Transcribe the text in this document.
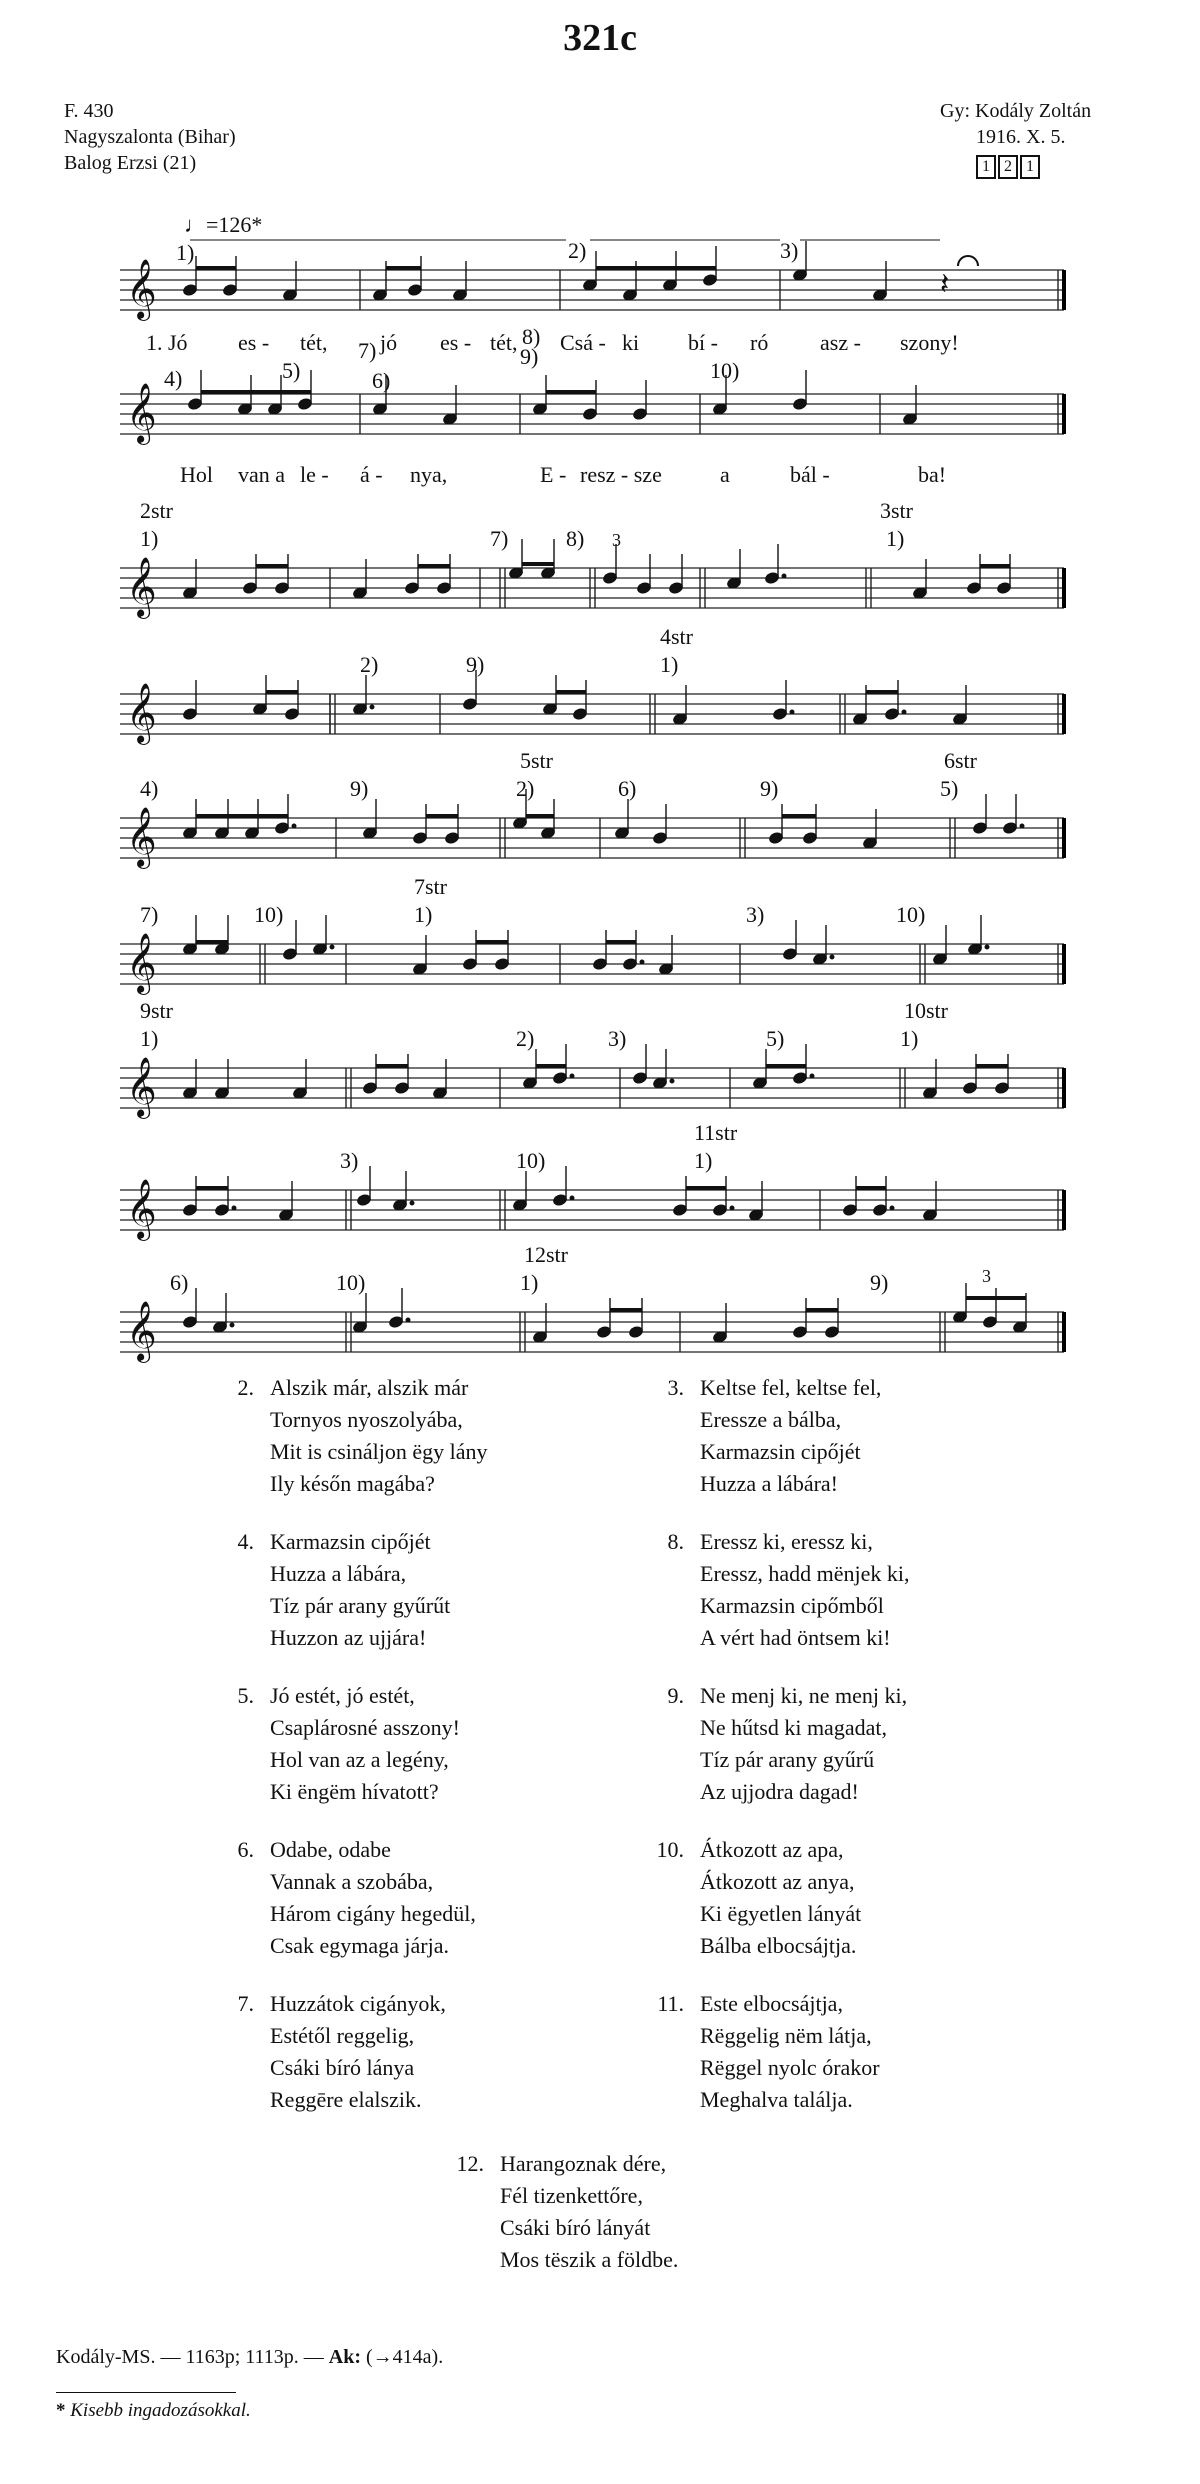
321c
F. 430
Nagyszalonta (Bihar)
Balog Erzsi (21)
Gy: Kodály Zoltán
1916. X. 5.
1 2 1
𝄞
𝄞
𝄽
1. Jó es - tét, jó es - tét, Csá - ki bí - ró asz - szony!
Hol van a le - á - nya,	E - resz - sze	a	bál -	ba!
♩=126*
1)	2)	3)
4)	5)	6)
7)
8)
9)
10)
𝄞
𝄞
𝄞
𝄞
𝄞
𝄞
𝄞
2str	3str
4str
5str	6str
7str
9str	10str
11str
12str
1)	7)	8)	1)
2)	9)	1)
4)	9)	2)	6)	9)	5)
7)	10)	1)	3)	10)
1)	2)	3)	5)	1)
3)	10)	1)
6)	10)	1)	9)
3
3
2. Alszik már, alszik már
Tornyos nyoszolyába,
Mit is csináljon ëgy lány
Ily későn magába?
4. Karmazsin cipőjét
Huzza a lábára,
Tíz pár arany gyűrűt
Huzzon az ujjára!
5. Jó estét, jó estét,
Csaplárosné asszony!
Hol van az a legény,
Ki ëngëm hívatott?
6. Odabe, odabe
Vannak a szobába,
Három cigány hegedül,
Csak egymaga járja.
7. Huzzátok cigányok,
Estétől reggelig,
Csáki bíró lánya
Reggēre elalszik.
3. Keltse fel, keltse fel,
Eressze a bálba,
Karmazsin cipőjét
Huzza a lábára!
8. Eressz ki, eressz ki,
Eressz, hadd mënjek ki,
Karmazsin cipőmből
A vért had öntsem ki!
9. Ne menj ki, ne menj ki,
Ne hűtsd ki magadat,
Tíz pár arany gyűrű
Az ujjodra dagad!
10. Átkozott az apa,
Átkozott az anya,
Ki ëgyetlen lányát
Bálba elbocsájtja.
11. Este elbocsájtja,
Rëggelig nëm látja,
Rëggel nyolc órakor
Meghalva találja.
12. Harangoznak dére,
Fél tizenkettőre,
Csáki bíró lányát
Mos tëszik a földbe.
Kodály-MS. — 1163p; 1113p. — Ak: (→414a).
* Kisebb ingadozásokkal.
